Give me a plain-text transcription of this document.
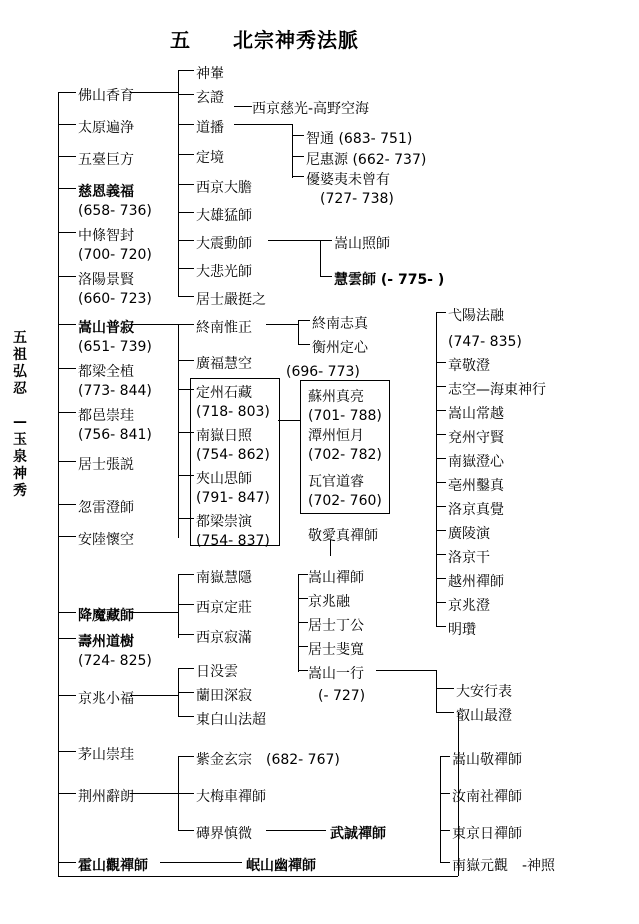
五　　北宗神秀法脈
五祖弘忍
—
玉泉神秀
佛山香育
太原遍浄
五臺巨方
慈恩義福
(658- 736)
中條智封
(700- 720)
洛陽景賢
(660- 723)
嵩山普寂
(651- 739)
都梁全植
(773- 844)
都邑崇珪
(756- 841)
居士張説
忽雷澄師
安陸懷空
降魔藏師
壽州道樹
(724- 825)
京兆小福
茅山崇珪
荆州辭朗
霍山觀禪師
神輋
玄證
道播
定境
西京大膽
大雄猛師
大震動師
大悲光師
居士嚴挺之
終南惟正
廣福慧空
定州石藏
(718- 803)
南嶽日照
(754- 862)
夾山思師
(791- 847)
都梁崇演
(754- 837)
南嶽慧隱
西京定莊
西京寂滿
日没雲
蘭田深寂
東白山法超
紫金玄宗　(682- 767)
大梅車禪師
磚界慎微
岷山幽禪師
西京慈光-高野空海
智通 (683- 751)
尼惠源 (662- 737)
優婆夷未曾有
(727- 738)
嵩山照師
慧雲師 (- 775- )
終南志真
衡州定心
(696- 773)
蘇州真亮
(701- 788)
潭州恒月
(702- 782)
瓦官道睿
(702- 760)
敬愛真禪師
嵩山禪師
京兆融
居士丁公
居士斐寬
嵩山一行
(- 727)
武誠禪師
弋陽法融
(747- 835)
章敬澄
志空—海東神行
嵩山常越
兗州守賢
南嶽澄心
亳州鑿真
洛京真覺
廣陵演
洛京干
越州禪師
京兆澄
明瓚
大安行表
叡山最澄
嵩山敬禪師
汝南社禪師
東京日禪師
南嶽元觀　-神照
